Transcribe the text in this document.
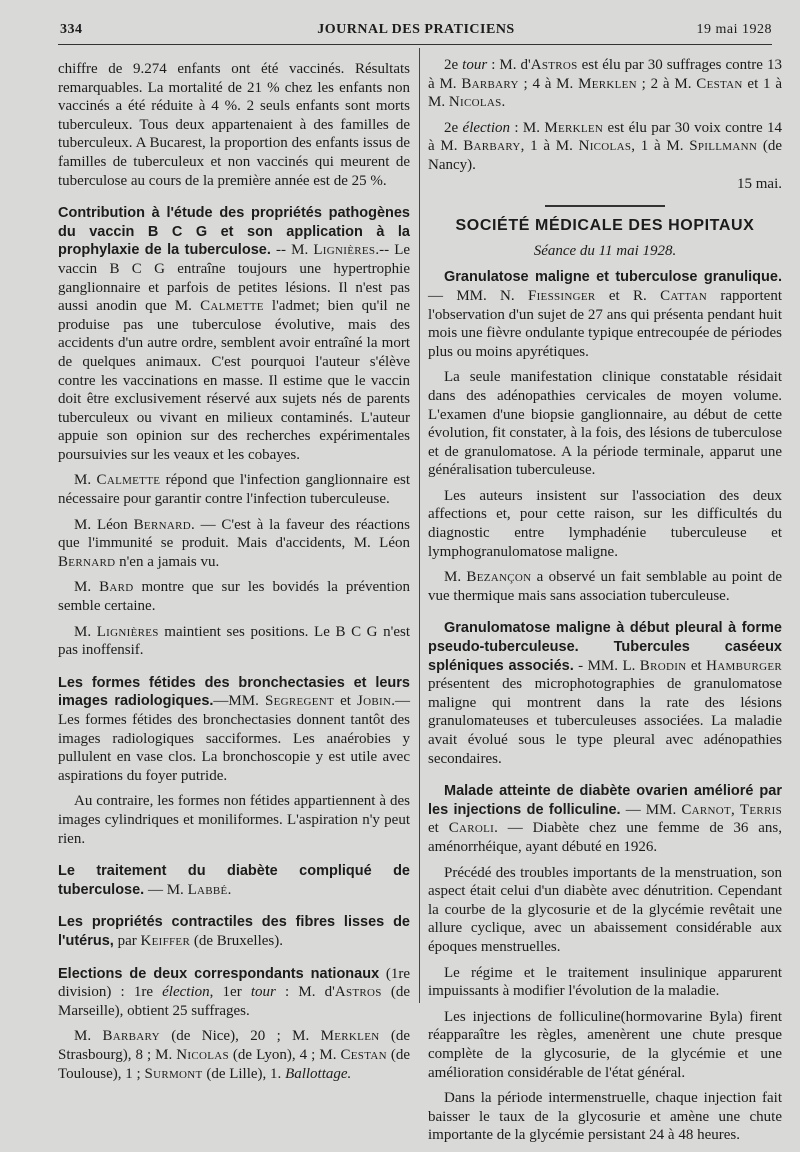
334	JOURNAL DES PRATICIENS	19 mai 1928

chiffre de 9.274 enfants ont été vaccinés. Résultats remarquables. La mortalité de 21 % chez les enfants non vaccinés a été réduite à 4 %. 2 seuls enfants sont morts tuberculeux. Tous deux appartenaient à des familles de tuberculeux. A Bucarest, la proportion des enfants issus de familles de tuberculeux et non vaccinés qui meurent de tuberculose au cours de la première année est de 25 %.

Contribution à l'étude des propriétés pathogènes du vaccin B C G et son application à la prophylaxie de la tuberculose. -- M. Lignières.-- Le vaccin B C G entraîne toujours une hypertrophie ganglionnaire et parfois de petites lésions. Il n'est pas aussi anodin que M. Calmette l'admet; bien qu'il ne produise pas une tuberculose évolutive, mais des accidents d'un autre ordre, semblent avoir entraîné la mort de quelques animaux. C'est pourquoi l'auteur s'élève contre les vaccinations en masse. Il estime que le vaccin doit être exclusivement réservé aux sujets nés de parents tuberculeux ou vivant en milieux contaminés. L'auteur appuie son opinion sur des recherches expérimentales poursuivies sur les veaux et les cobayes.

M. Calmette répond que l'infection ganglionnaire est nécessaire pour garantir contre l'infection tuberculeuse.

M. Léon Bernard. — C'est à la faveur des réactions que l'immunité se produit. Mais d'accidents, M. Léon Bernard n'en a jamais vu.

M. Bard montre que sur les bovidés la prévention semble certaine.

M. Lignières maintient ses positions. Le B C G n'est pas inoffensif.

Les formes fétides des bronchectasies et leurs images radiologiques.—MM. Segregent et Jobin.— Les formes fétides des bronchectasies donnent tantôt des images radiologiques sacciformes. Les anaérobies y pullulent en vase clos. La bronchoscopie y est utile avec aspirations du foyer putride.

Au contraire, les formes non fétides appartiennent à des images cylindriques et moniliformes. L'aspiration n'y peut rien.

Le traitement du diabète compliqué de tuberculose. — M. Labbé.

Les propriétés contractiles des fibres lisses de l'utérus, par Keiffer (de Bruxelles).

Elections de deux correspondants nationaux (1re division) : 1re élection, 1er tour : M. d'Astros (de Marseille), obtient 25 suffrages.

M. Barbary (de Nice), 20 ; M. Merklen (de Strasbourg), 8 ; M. Nicolas (de Lyon), 4 ; M. Cestan (de Toulouse), 1 ; Surmont (de Lille), 1. Ballottage.

2e tour : M. d'Astros est élu par 30 suffrages contre 13 à M. Barbary ; 4 à M. Merklen ; 2 à M. Cestan et 1 à M. Nicolas.

2e élection : M. Merklen est élu par 30 voix contre 14 à M. Barbary, 1 à M. Nicolas, 1 à M. Spillmann (de Nancy).

15 mai.

SOCIÉTÉ MÉDICALE DES HOPITAUX

Séance du 11 mai 1928.

Granulatose maligne et tuberculose granulique. — MM. N. Fiessinger et R. Cattan rapportent l'observation d'un sujet de 27 ans qui présenta pendant huit mois une fièvre ondulante typique entrecoupée de périodes plus ou moins apyrétiques.

La seule manifestation clinique constatable résidait dans des adénopathies cervicales de moyen volume. L'examen d'une biopsie ganglionnaire, au début de cette évolution, fit constater, à la fois, des lésions de tuberculose et de granulomatose. A la période terminale, apparut une généralisation tuberculeuse.

Les auteurs insistent sur l'association des deux affections et, pour cette raison, sur les difficultés du diagnostic entre lymphadénie tuberculeuse et lymphogranulomatose maligne.

M. Bezançon a observé un fait semblable au point de vue thermique mais sans association tuberculeuse.

Granulomatose maligne à début pleural à forme pseudo-tuberculeuse. Tubercules caséeux spléniques associés. - MM. L. Brodin et Hamburger présentent des microphotographies de granulomatose maligne qui montrent dans la rate des lésions granulomateuses et tuberculeuses associées. La maladie avait évolué sous le type pleural avec adénopathies secondaires.

Malade atteinte de diabète ovarien amélioré par les injections de folliculine. — MM. Carnot, Terris et Caroli. — Diabète chez une femme de 36 ans, aménorrhéique, ayant débuté en 1926.

Précédé des troubles importants de la menstruation, son aspect était celui d'un diabète avec dénutrition. Cependant la courbe de la glycosurie et de la glycémie revêtait une allure cyclique, avec un abaissement considérable aux époques menstruelles.

Le régime et le traitement insulinique apparurent impuissants à modifier l'évolution de la maladie.

Les injections de folliculine(hormovarine Byla) firent réapparaître les règles, amenèrent une chute presque complète de la glycosurie, de la glycémie et une amélioration considérable de l'état général.

Dans la période intermenstruelle, chaque injection fait baisser le taux de la glycosurie et amène une chute importante de la glycémie persistant 24 à 48 heures.
